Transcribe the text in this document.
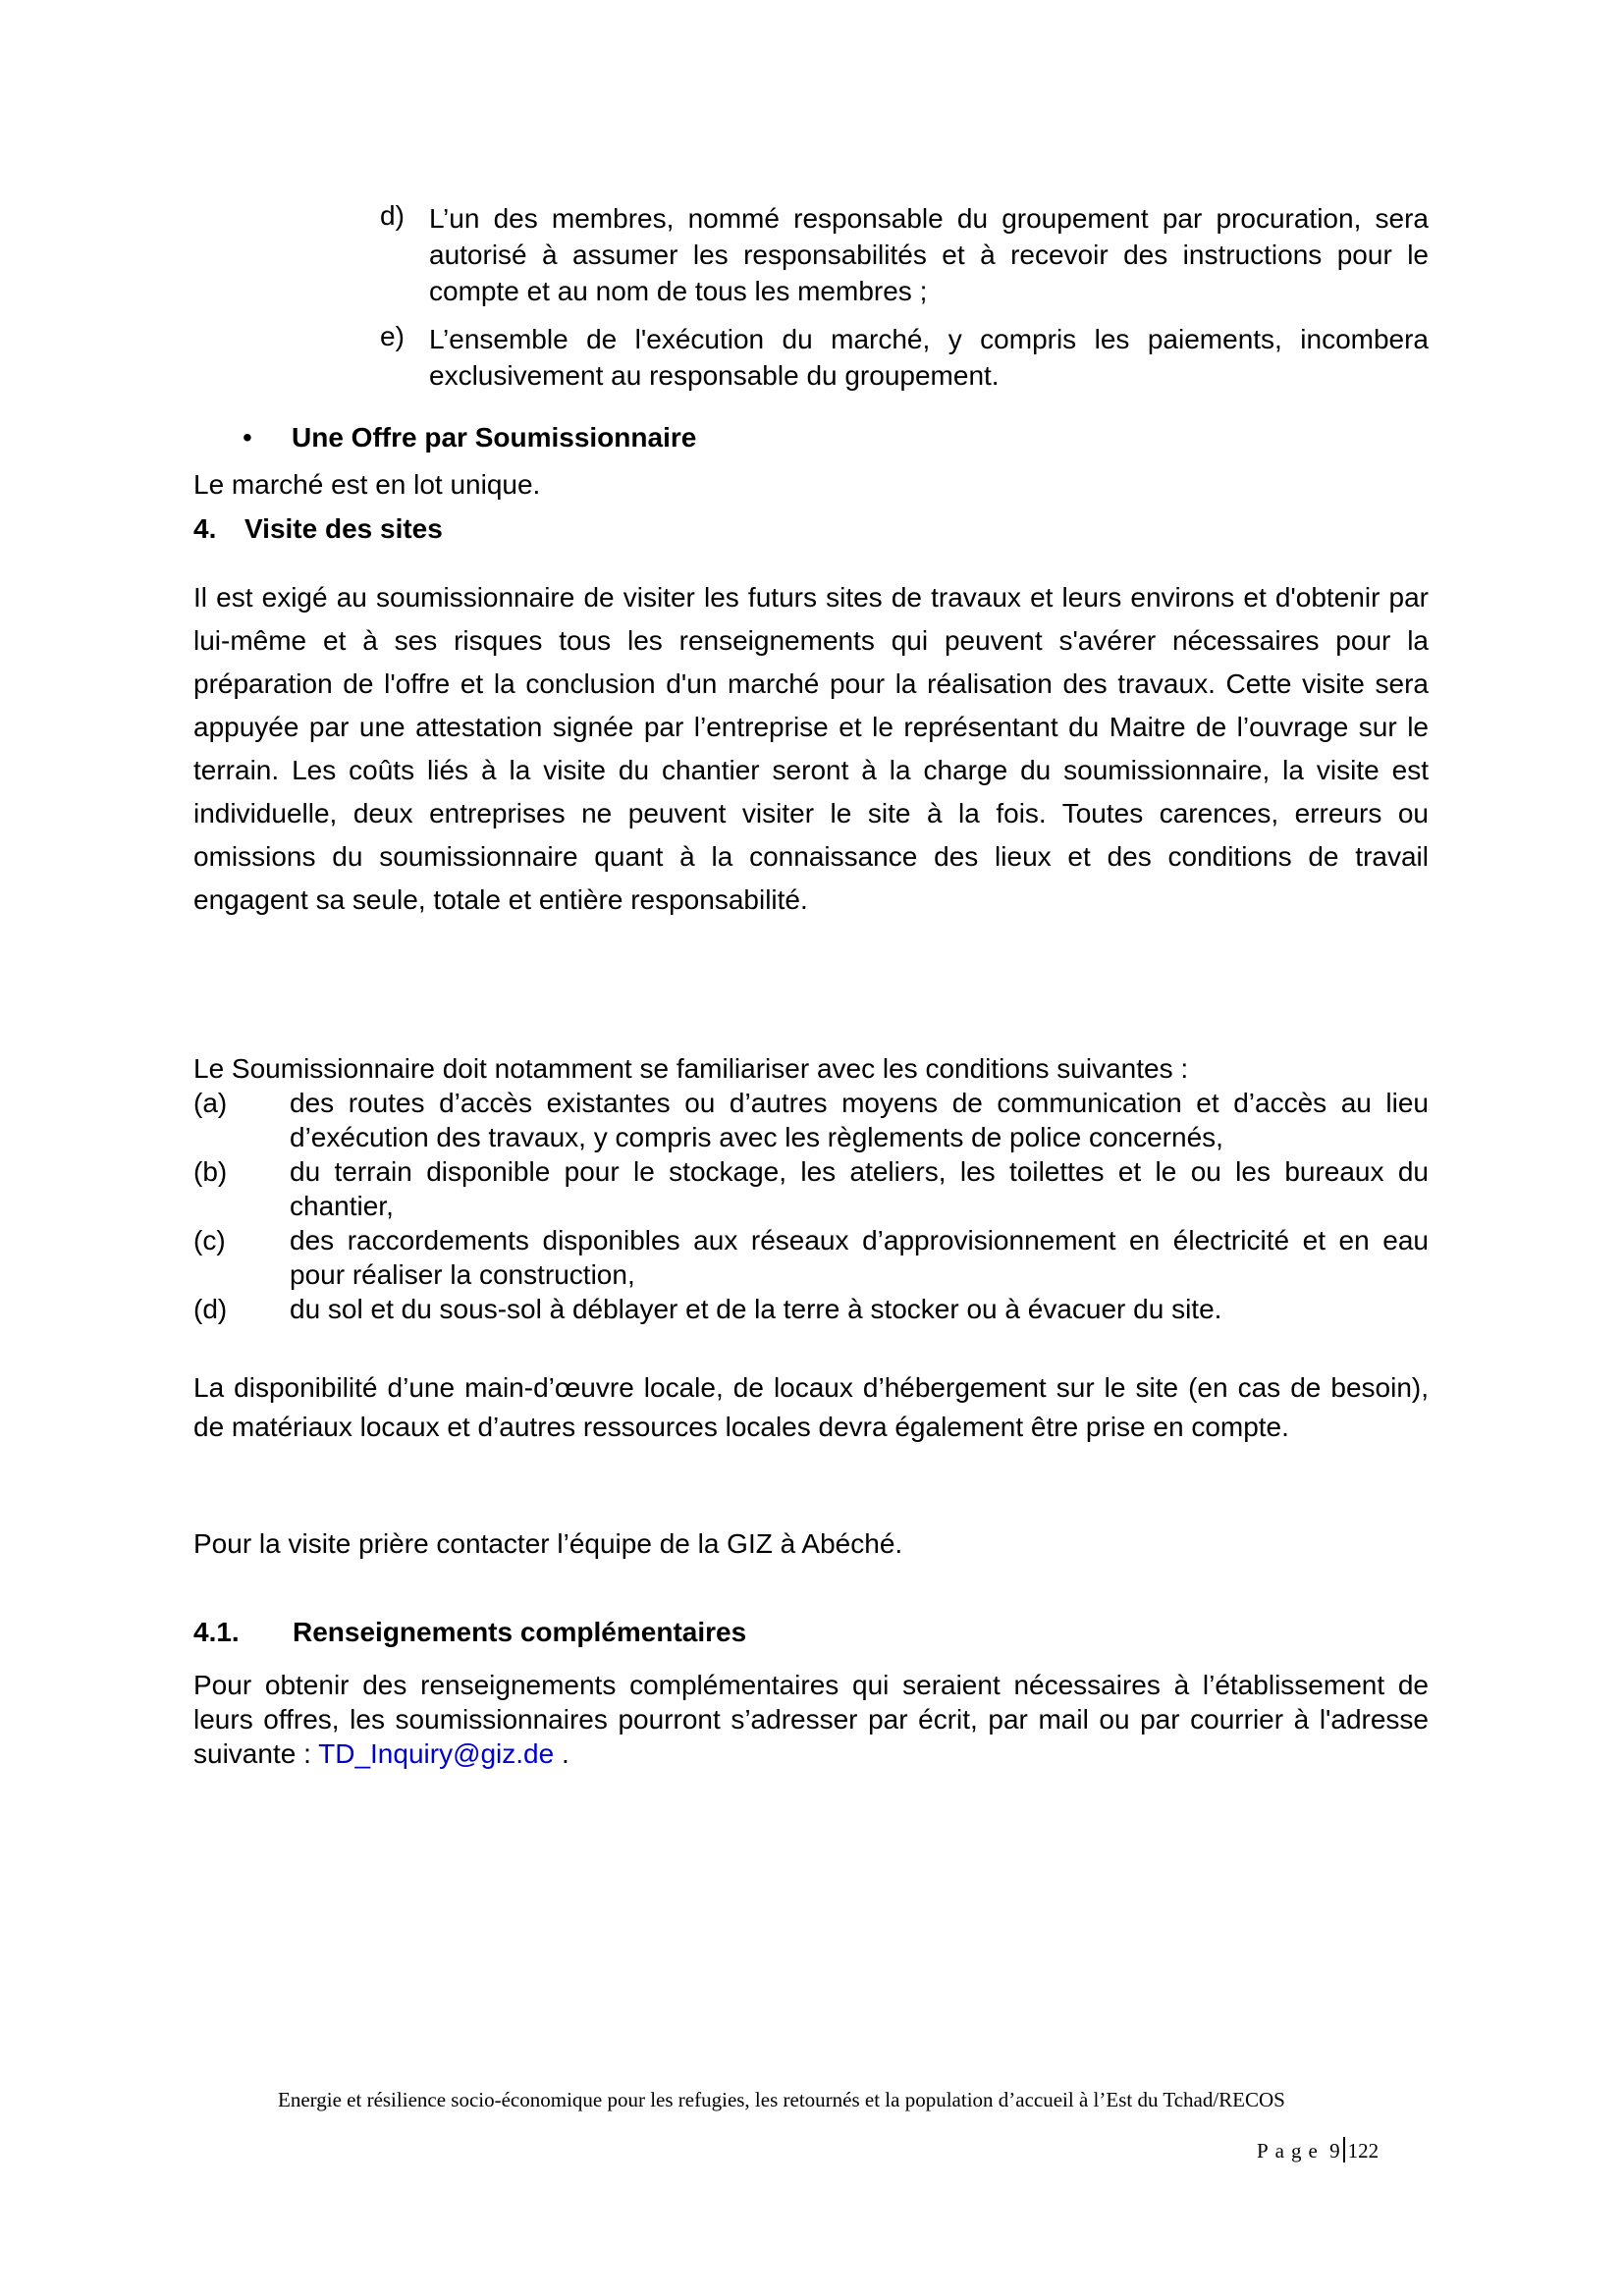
d) L’un des membres, nommé responsable du groupement par procuration, sera autorisé à assumer les responsabilités et à recevoir des instructions pour le compte et au nom de tous les membres ;
e) L’ensemble de l'exécution du marché, y compris les paiements, incombera exclusivement au responsable du groupement.
• Une Offre par Soumissionnaire
Le marché est en lot unique.
4. Visite des sites
Il est exigé au soumissionnaire de visiter les futurs sites de travaux et leurs environs et d'obtenir par lui-même et à ses risques tous les renseignements qui peuvent s'avérer nécessaires pour la préparation de l'offre et la conclusion d'un marché pour la réalisation des travaux. Cette visite sera appuyée par une attestation signée par l’entreprise et le représentant du Maitre de l’ouvrage sur le terrain. Les coûts liés à la visite du chantier seront à la charge du soumissionnaire, la visite est individuelle, deux entreprises ne peuvent visiter le site à la fois. Toutes carences, erreurs ou omissions du soumissionnaire quant à la connaissance des lieux et des conditions de travail engagent sa seule, totale et entière responsabilité.
Le Soumissionnaire doit notamment se familiariser avec les conditions suivantes :
(a) des routes d’accès existantes ou d’autres moyens de communication et d’accès au lieu d’exécution des travaux, y compris avec les règlements de police concernés,
(b) du terrain disponible pour le stockage, les ateliers, les toilettes et le ou les bureaux du chantier,
(c) des raccordements disponibles aux réseaux d’approvisionnement en électricité et en eau pour réaliser la construction,
(d) du sol et du sous-sol à déblayer et de la terre à stocker ou à évacuer du site.
La disponibilité d’une main-d’œuvre locale, de locaux d’hébergement sur le site (en cas de besoin), de matériaux locaux et d’autres ressources locales devra également être prise en compte.
Pour la visite prière contacter l’équipe de la GIZ à Abéché.
4.1. Renseignements complémentaires
Pour obtenir des renseignements complémentaires qui seraient nécessaires à l’établissement de leurs offres, les soumissionnaires pourront s’adresser par écrit, par mail ou par courrier à l'adresse suivante : TD_Inquiry@giz.de .
Energie et résilience socio-économique pour les refugies, les retournés et la population d’accueil à l’Est du Tchad/RECOS
Page 9 122
